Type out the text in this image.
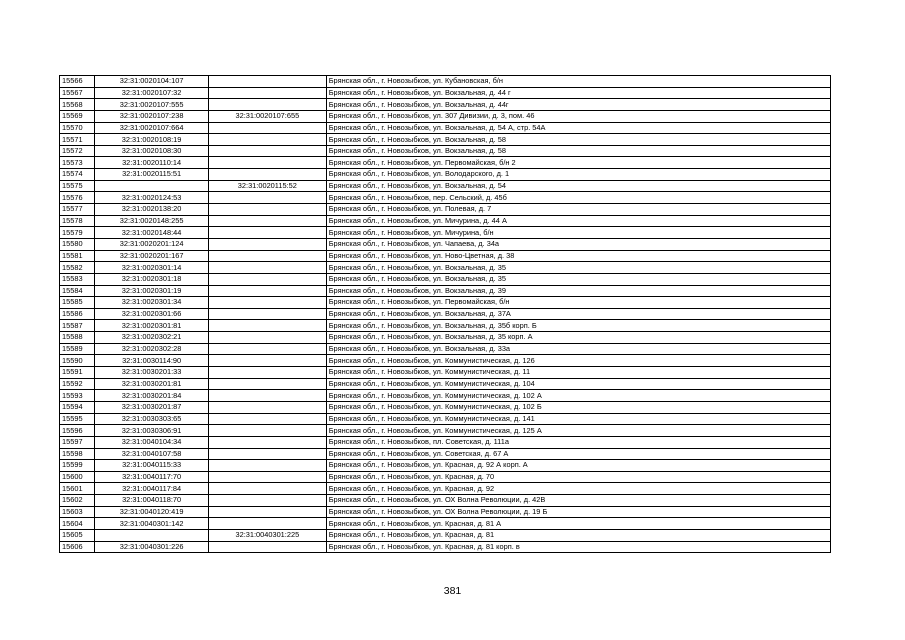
15566	32:31:0020104:107		Брянская обл., г. Новозыбков, ул. Кубановская, б/н
15567	32:31:0020107:32		Брянская обл., г. Новозыбков, ул. Вокзальная, д. 44 г
15568	32:31:0020107:555		Брянская обл., г. Новозыбков, ул. Вокзальная, д. 44г
15569	32:31:0020107:238	32:31:0020107:655	Брянская обл., г. Новозыбков, ул. 307 Дивизии, д. 3, пом. 46
15570	32:31:0020107:664		Брянская обл., г. Новозыбков, ул. Вокзальная, д. 54 А, стр. 54А
15571	32:31:0020108:19		Брянская обл., г. Новозыбков, ул. Вокзальная, д. 58
15572	32:31:0020108:30		Брянская обл., г. Новозыбков, ул. Вокзальная, д. 58
15573	32:31:0020110:14		Брянская обл., г. Новозыбков, ул. Первомайская, б/н 2
15574	32:31:0020115:51		Брянская обл., г. Новозыбков, ул. Володарского, д. 1
15575		32:31:0020115:52	Брянская обл., г. Новозыбков, ул. Вокзальная, д. 54
15576	32:31:0020124:53		Брянская обл., г. Новозыбков, пер. Сельский, д. 45б
15577	32:31:0020138:20		Брянская обл., г. Новозыбков, ул. Полевая, д. 7
15578	32:31:0020148:255		Брянская обл., г. Новозыбков, ул. Мичурина, д. 44 А
15579	32:31:0020148:44		Брянская обл., г. Новозыбков, ул. Мичурина, б/н
15580	32:31:0020201:124		Брянская обл., г. Новозыбков, ул. Чапаева, д. 34а
15581	32:31:0020201:167		Брянская обл., г. Новозыбков, ул. Ново-Цветная, д. 38
15582	32:31:0020301:14		Брянская обл., г. Новозыбков, ул. Вокзальная, д. 35
15583	32:31:0020301:18		Брянская обл., г. Новозыбков, ул. Вокзальная, д. 35
15584	32:31:0020301:19		Брянская обл., г. Новозыбков, ул. Вокзальная, д. 39
15585	32:31:0020301:34		Брянская обл., г. Новозыбков, ул. Первомайская, б/н
15586	32:31:0020301:66		Брянская обл., г. Новозыбков, ул. Вокзальная, д. 37А
15587	32:31:0020301:81		Брянская обл., г. Новозыбков, ул. Вокзальная, д. 35б корп. Б
15588	32:31:0020302:21		Брянская обл., г. Новозыбков, ул. Вокзальная, д. 35 корп. А
15589	32:31:0020302:28		Брянская обл., г. Новозыбков, ул. Вокзальная, д. 33а
15590	32:31:0030114:90		Брянская обл., г. Новозыбков, ул. Коммунистическая, д. 126
15591	32:31:0030201:33		Брянская обл., г. Новозыбков, ул. Коммунистическая, д. 11
15592	32:31:0030201:81		Брянская обл., г. Новозыбков, ул. Коммунистическая, д. 104
15593	32:31:0030201:84		Брянская обл., г. Новозыбков, ул. Коммунистическая, д. 102 А
15594	32:31:0030201:87		Брянская обл., г. Новозыбков, ул. Коммунистическая, д. 102 Б
15595	32:31:0030303:65		Брянская обл., г. Новозыбков, ул. Коммунистическая, д. 141
15596	32:31:0030306:91		Брянская обл., г. Новозыбков, ул. Коммунистическая, д. 125 А
15597	32:31:0040104:34		Брянская обл., г. Новозыбков, пл. Советская, д. 111а
15598	32:31:0040107:58		Брянская обл., г. Новозыбков, ул. Советская, д. 67 А
15599	32:31:0040115:33		Брянская обл., г. Новозыбков, ул. Красная, д. 92 А корп. А
15600	32:31:0040117:70		Брянская обл., г. Новозыбков, ул. Красная, д. 70
15601	32:31:0040117:84		Брянская обл., г. Новозыбков, ул. Красная, д. 92
15602	32:31:0040118:70		Брянская обл., г. Новозыбков, ул. ОХ Волна Революции, д. 42В
15603	32:31:0040120:419		Брянская обл., г. Новозыбков, ул. ОХ Волна Революции, д. 19 Б
15604	32:31:0040301:142		Брянская обл., г. Новозыбков, ул. Красная, д. 81 А
15605		32:31:0040301:225	Брянская обл., г. Новозыбков, ул. Красная, д. 81
15606	32:31:0040301:226		Брянская обл., г. Новозыбков, ул. Красная, д. 81 корп. в
381
